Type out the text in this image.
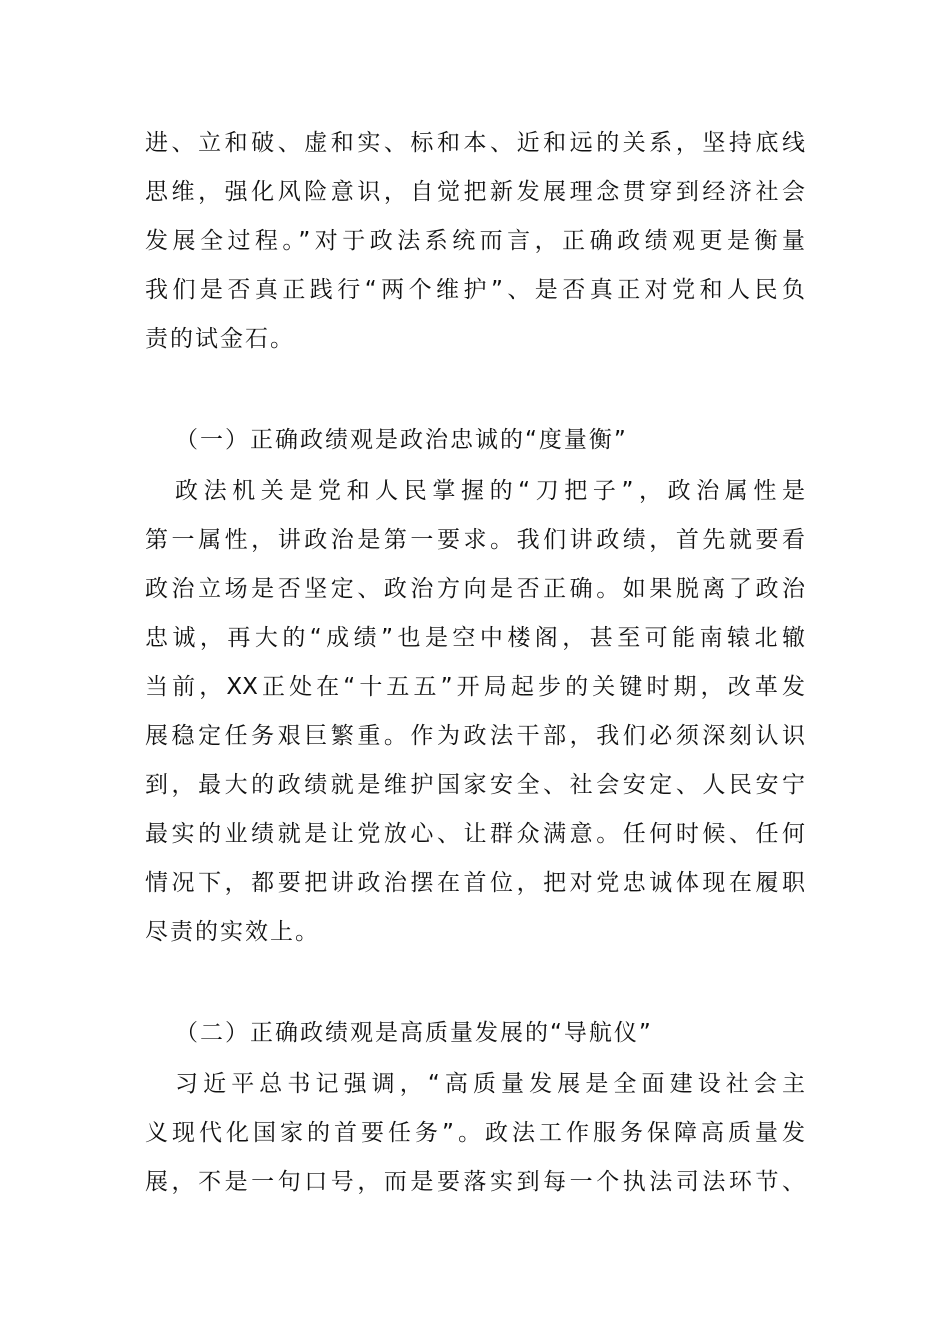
进、立和破、虚和实、标和本、近和远的关系，坚持底线
思维，强化风险意识，自觉把新发展理念贯穿到经济社会
发展全过程。”对于政法系统而言，正确政绩观更是衡量
我们是否真正践行“两个维护”、是否真正对党和人民负
责的试金石。
（一）正确政绩观是政治忠诚的“度量衡”
政法机关是党和人民掌握的“刀把子”，政治属性是
第一属性，讲政治是第一要求。我们讲政绩，首先就要看
政治立场是否坚定、政治方向是否正确。如果脱离了政治
忠诚，再大的“成绩”也是空中楼阁，甚至可能南辕北辙
当前，XX正处在“十五五”开局起步的关键时期，改革发
展稳定任务艰巨繁重。作为政法干部，我们必须深刻认识
到，最大的政绩就是维护国家安全、社会安定、人民安宁
最实的业绩就是让党放心、让群众满意。任何时候、任何
情况下，都要把讲政治摆在首位，把对党忠诚体现在履职
尽责的实效上。
（二）正确政绩观是高质量发展的“导航仪”
习近平总书记强调，“高质量发展是全面建设社会主
义现代化国家的首要任务”。政法工作服务保障高质量发
展，不是一句口号，而是要落实到每一个执法司法环节、
